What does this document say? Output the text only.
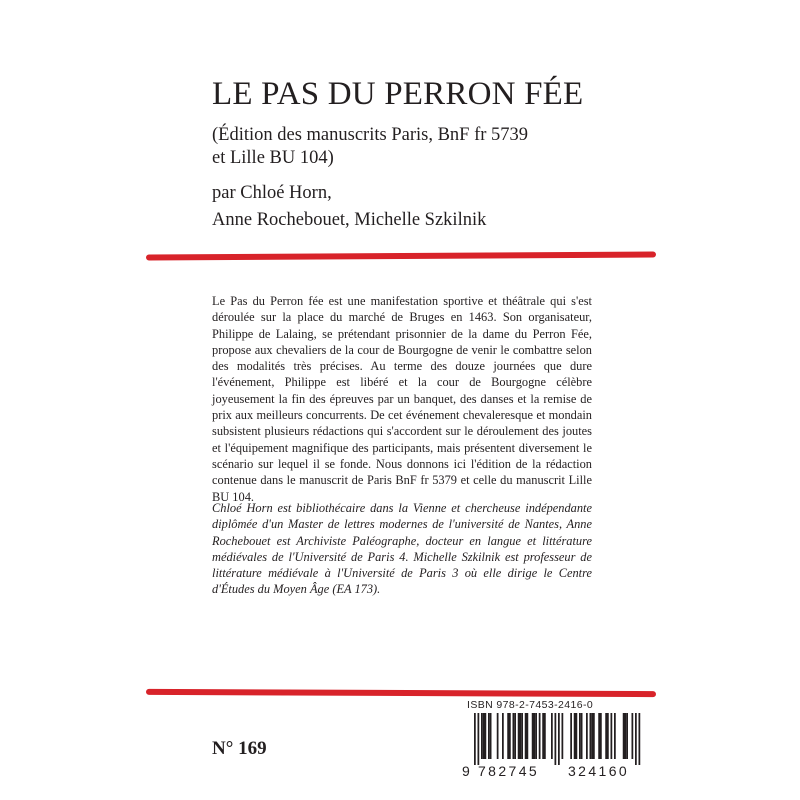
LE PAS DU PERRON FÉE
(Édition des manuscrits Paris, BnF fr 5739
et Lille BU 104)
par Chloé Horn,
Anne Rochebouet, Michelle Szkilnik
Le Pas du Perron fée est une manifestation sportive et théâtrale qui s'est déroulée sur la place du marché de Bruges en 1463. Son organisateur, Philippe de Lalaing, se prétendant prisonnier de la dame du Perron Fée, propose aux chevaliers de la cour de Bourgogne de venir le combattre selon des modalités très précises. Au terme des douze journées que dure l'événement, Philippe est libéré et la cour de Bourgogne célèbre joyeusement la fin des épreuves par un banquet, des danses et la remise de prix aux meilleurs concurrents. De cet événement chevaleresque et mondain subsistent plusieurs rédactions qui s'accordent sur le déroulement des joutes et l'équipement magnifique des participants, mais présentent diversement le scénario sur lequel il se fonde. Nous donnons ici l'édition de la rédaction contenue dans le manuscrit de Paris BnF fr 5379 et celle du manuscrit Lille BU 104.
Chloé Horn est bibliothécaire dans la Vienne et chercheuse indépendante diplômée d'un Master de lettres modernes de l'université de Nantes, Anne Rochebouet est Archiviste Paléographe, docteur en langue et littérature médiévales de l'Université de Paris 4. Michelle Szkilnik est professeur de littérature médiévale à l'Université de Paris 3 où elle dirige le Centre d'Études du Moyen Âge (EA 173).
N° 169
ISBN 978-2-7453-2416-0
9 782745 324160
